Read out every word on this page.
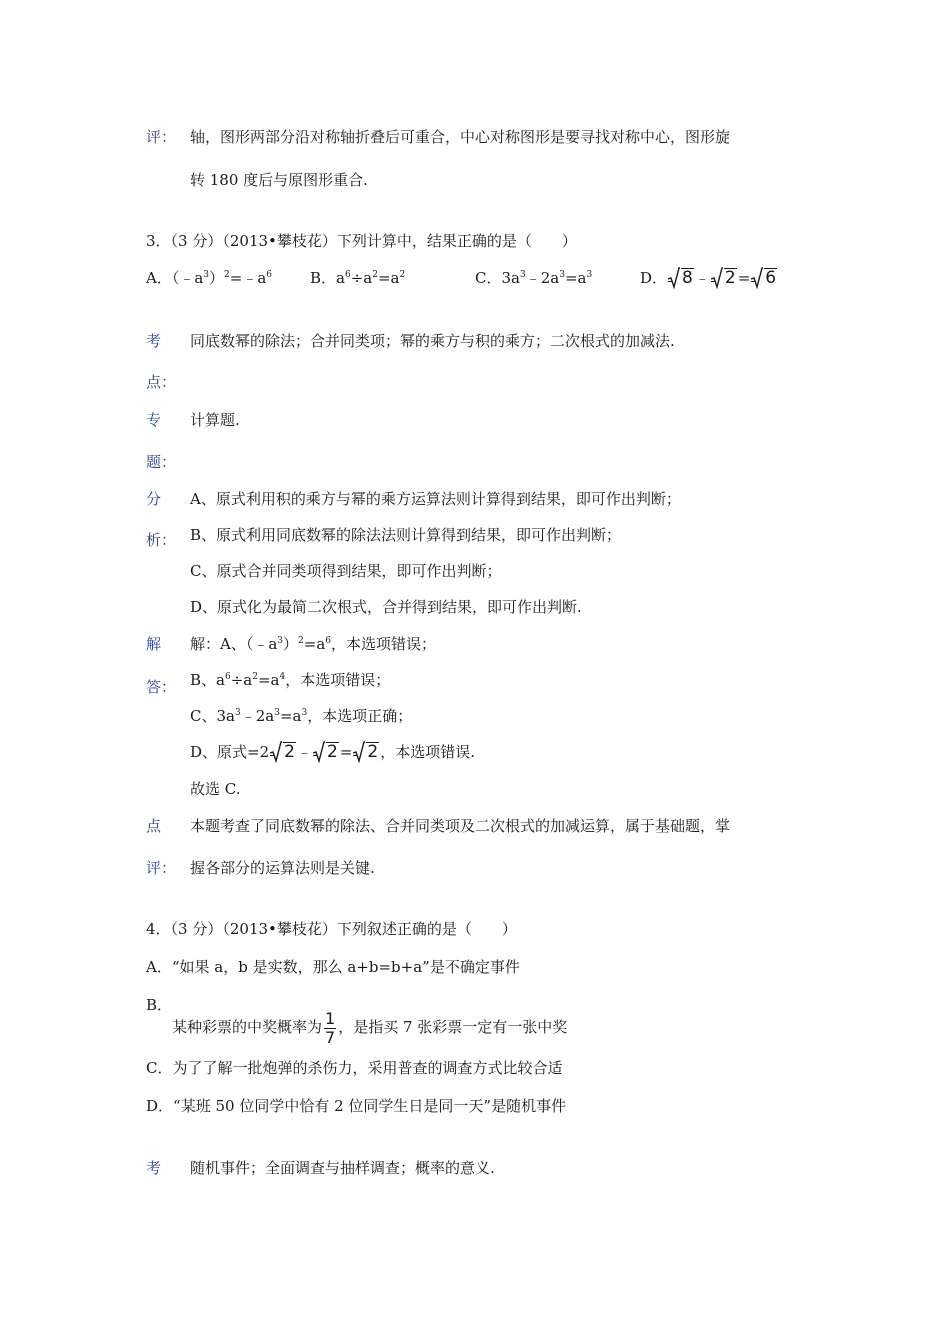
评： 轴，图形两部分沿对称轴折叠后可重合，中心对称图形是要寻找对称中心，图形旋
转 180 度后与原图形重合.
3．（3 分）（2013•攀枝花）下列计算中，结果正确的是（　　）
A．$(﹣a^3)^2=﹣a^6$	B．$a^6\div a^2=a^2$	C．$3a^3﹣2a^3=a^3$	D． 8 ﹣ 2 = 6
考
点：
同底数幂的除法；合并同类项；幂的乘方与积的乘方；二次根式的加减法.
专
题：
计算题.
分
析：
A、原式利用积的乘方与幂的乘方运算法则计算得到结果，即可作出判断；
B、原式利用同底数幂的除法法则计算得到结果，即可作出判断；
C、原式合并同类项得到结果，即可作出判断；
D、原式化为最简二次根式，合并得到结果，即可作出判断.
解
答：
解：A、$(﹣a^3)^2=a^6$，本选项错误；
B、$a^6\div a^2=a^4$，本选项错误；
C、$3a^3﹣2a^3=a^3$，本选项正确；
D、原式=2 2 ﹣ 2 = 2 ，本选项错误.
故选 C.
点
评：
本题考查了同底数幂的除法、合并同类项及二次根式的加减运算，属于基础题，掌
握各部分的运算法则是关键.
4．（3 分）（2013•攀枝花）下列叙述正确的是（　　）
A．“如果 a，b 是实数，那么 a+b=b+a”是不确定事件
B．
某种彩票的中奖概率为 $\frac{1}{7}$ ，是指买 7 张彩票一定有一张中奖
C．为了了解一批炮弹的杀伤力，采用普查的调查方式比较合适
D．“某班 50 位同学中恰有 2 位同学生日是同一天”是随机事件
考 随机事件；全面调查与抽样调查；概率的意义.
